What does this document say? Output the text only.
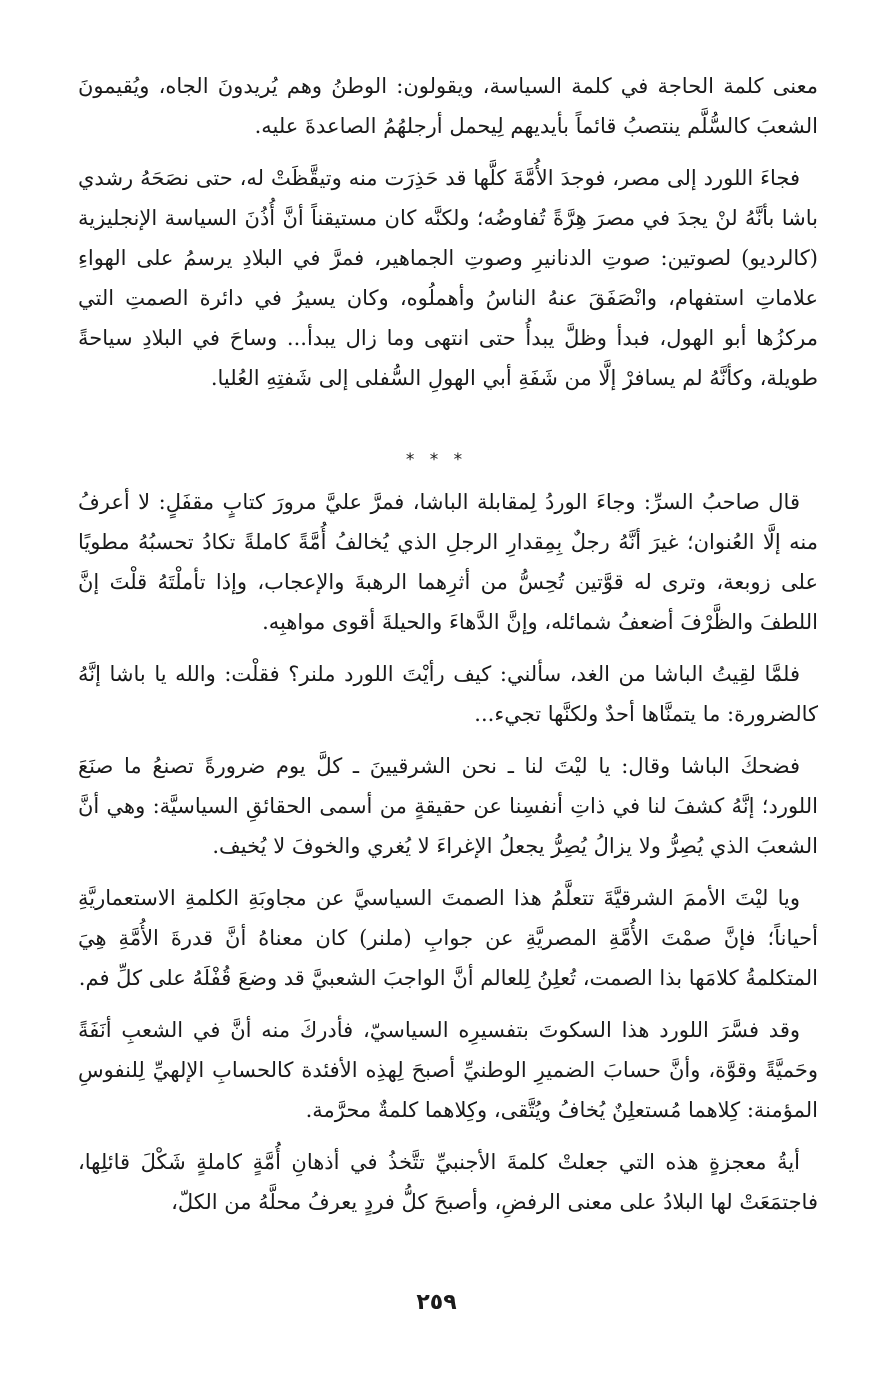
معنى كلمة الحاجة في كلمة السياسة، ويقولون: الوطنُ وهم يُريدونَ الجاه، ويُقيمونَ الشعبَ كالسُّلَّم ينتصبُ قائماً بأيديهم لِيحمل أرجلهُمُ الصاعدةَ عليه.

فجاءَ اللورد إلى مصر، فوجدَ الأُمَّةَ كلَّها قد حَذِرَت منه وتيقَّظَتْ له، حتى نصَحَهُ رشدي باشا بأنَّهُ لنْ يجدَ في مصرَ هِرَّةً تُفاوضُه؛ ولكنَّه كان مستيقناً أنَّ أُذُنَ السياسة الإنجليزية (كالرديو) لصوتين: صوتِ الدنانيرِ وصوتِ الجماهير، فمرَّ في البلادِ يرسمُ على الهواءِ علاماتِ استفهام، وانْصَفَقَ عنهُ الناسُ وأهملُوه، وكان يسيرُ في دائرة الصمتِ التي مركزُها أبو الهول، فبدأ وظلَّ يبدأُ حتى انتهى وما زال يبدأ... وساحَ في البلادِ سياحةً طويلة، وكأنَّهُ لم يسافرْ إلَّا من شَفَةِ أبي الهولِ السُّفلى إلى شَفتِهِ العُليا.

* * *

قال صاحبُ السرِّ: وجاءَ الوردُ لِمقابلة الباشا، فمرَّ عليَّ مرورَ كتابٍ مقفَلٍ: لا أعرفُ منه إلَّا العُنوان؛ غيرَ أنَّهُ رجلٌ بِمِقدارِ الرجلِ الذي يُخالفُ أُمَّةً كاملةً تكادُ تحسبُهُ مطويًا على زوبعة، وترى له قوَّتين تُحِسُّ من أثرِهما الرهبةَ والإعجاب، وإذا تأملْتَهُ قلْتَ إنَّ اللطفَ والظَّرْفَ أضعفُ شمائله، وإنَّ الدَّهاءَ والحيلةَ أقوى مواهبِه.

فلمَّا لقِيتُ الباشا من الغد، سألني: كيف رأيْتَ اللورد ملنر؟ فقلْت: والله يا باشا إنَّهُ كالضرورة: ما يتمنَّاها أحدٌ ولكنَّها تجيء...

فضحكَ الباشا وقال: يا ليْتَ لنا ـ نحن الشرقيينَ ـ كلَّ يوم ضرورةً تصنعُ ما صنَعَ اللورد؛ إنَّهُ كشفَ لنا في ذاتِ أنفسِنا عن حقيقةٍ من أسمى الحقائقِ السياسيَّة: وهي أنَّ الشعبَ الذي يُصِرُّ ولا يزالُ يُصِرُّ يجعلُ الإغراءَ لا يُغري والخوفَ لا يُخيف.

ويا ليْتَ الأممَ الشرقيَّةَ تتعلَّمُ هذا الصمتَ السياسيَّ عن مجاوبَةِ الكلمةِ الاستعماريَّةِ أحياناً؛ فإنَّ صمْتَ الأُمَّةِ المصريَّةِ عن جوابِ (ملنر) كان معناهُ أنَّ قدرةَ الأُمَّةِ هِيَ المتكلمةُ كلامَها بذا الصمت، تُعلِنُ لِلعالم أنَّ الواجبَ الشعبيَّ قد وضعَ قُفْلَهُ على كلِّ فم.

وقد فسَّرَ اللورد هذا السكوتَ بتفسيرِه السياسيّ، فأدركَ منه أنَّ في الشعبِ أنَفَةً وحَميَّةً وقوَّة، وأنَّ حسابَ الضميرِ الوطنيِّ أصبحَ لِهذِه الأفئدة كالحسابِ الإلهيِّ لِلنفوسِ المؤمنة: كِلاهما مُستعلِنٌ يُخافُ ويُتَّقى، وكِلاهما كلمةٌ محرَّمة.

أيةُ معجزةٍ هذه التي جعلتْ كلمةَ الأجنبيِّ تتَّخذُ في أذهانِ أُمَّةٍ كاملةٍ شَكْلَ قائلِها، فاجتمَعَتْ لها البلادُ على معنى الرفضِ، وأصبحَ كلُّ فردٍ يعرفُ محلَّهُ من الكلّ،

٢٥٩
